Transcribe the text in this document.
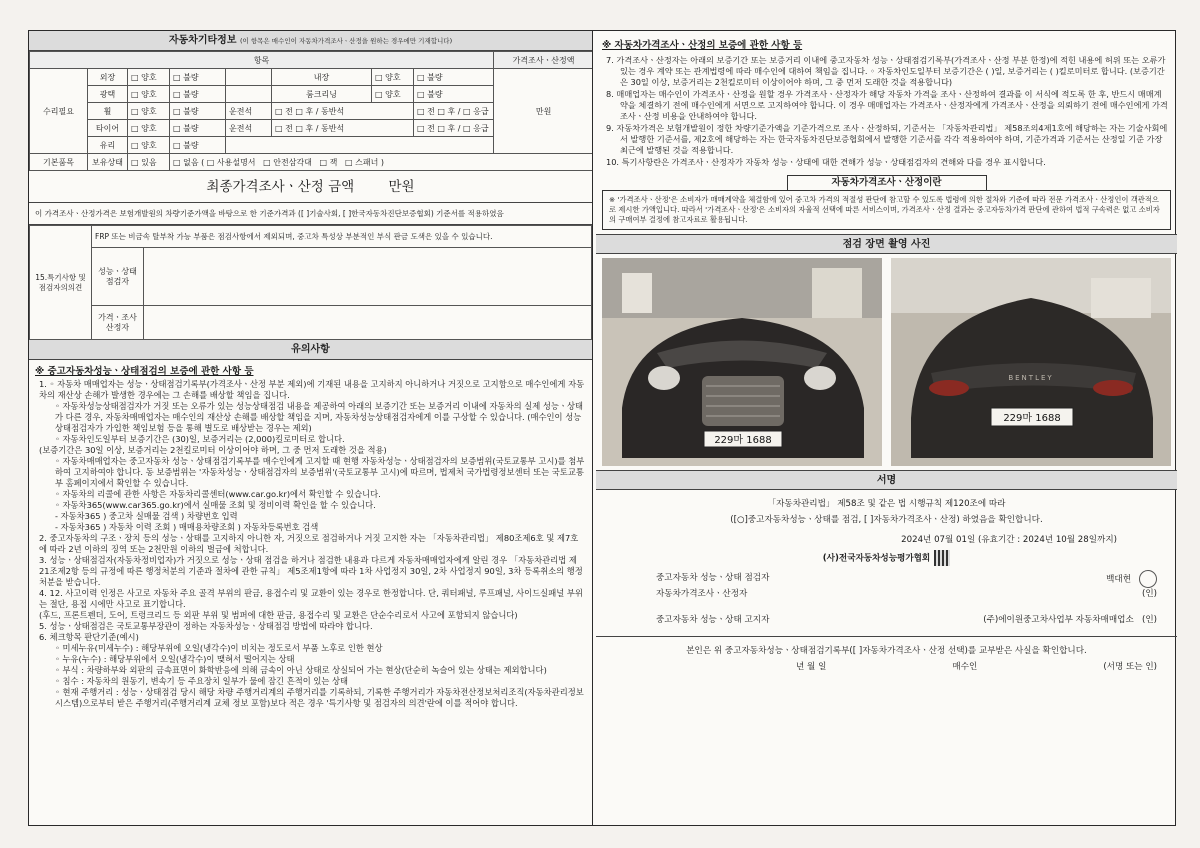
자동차기타정보 (이 항목은 매수인이 자동차가격조사ㆍ산정을 원하는 경우에만 기재합니다)
항목								가격조사ㆍ산정액
수리필요	외장	□ 양호	□ 불량		내장	□ 양호	□ 불량	만원
	광택	□ 양호	□ 불량		룸크리닝	□ 양호	□ 불량
	휠	□ 양호	□ 불량	운전석	□ 전 □ 후 / 동반석		□ 전 □ 후 / □ 응급	
	타이어	□ 양호	□ 불량	운전석	□ 전 □ 후 / 동반석		□ 전 □ 후 / □ 응급	
	유리	□ 양호	□ 불량	
기본품목	보유상태	□ 있음	□ 없음 ( □ 사용설명서   □ 안전삼각대   □ 잭   □ 스패너 )					
최종가격조사ㆍ산정 금액	만원
이 가격조사ㆍ산정가격은 보험개발원의 차량기준가액을 바탕으로 한 기준가격과 ([ ]기술사회, [ ]한국자동차진단보증협회) 기준서를 적용하였음
15.특기사항 및 점검자의의견	FRP 또는 비금속 탈부착 가능 부품은 점검사항에서 제외되며, 중고차 특성상 부분적인 부식 판금 도색은 있을 수 있습니다.	
	성능ㆍ상태 점검자	
	가격ㆍ조사 산정자	
유의사항
※ 중고자동차성능ㆍ상태점검의 보증에 관한 사항 등
1. ◦ 자동차 매매업자는 성능ㆍ상태점검기록부(가격조사ㆍ산정 부분 제외)에 기재된 내용을 고지하지 아니하거나 거짓으로 고지함으로 매수인에게 자동차의 재산상 손해가 발생한 경우에는 그 손해를 배상할 책임을 집니다.
◦ 자동차성능상태점검자가 거짓 또는 오류가 있는 성능상태점검 내용을 제공하여 아래의 보증기간 또는 보증거리 이내에 자동차의 실제 성능ㆍ상태가 다른 경우, 자동차매매업자는 매수인의 재산상 손해를 배상할 책임을 지며, 자동차성능상태점검자에게 이를 구상할 수 있습니다. (매수인이 성능상태점검자가 가입한 책임보험 등을 통해 별도로 배상받는 경우는 제외)
◦ 자동차인도일부터 보증기간은 (30)일, 보증거리는 (2,000)킬로미터로 합니다.
(보증기간은 30일 이상, 보증거리는 2천킬로미터 이상이어야 하며, 그 중 먼저 도래한 것을 적용)
◦ 자동차매매업자는 중고자동차 성능ㆍ상태점검기록부를 매수인에게 고지할 때 현행 자동차성능ㆍ상태점검자의 보증범위(국토교통부 고시)를 첨부하여 고지하여야 합니다. 동 보증범위는 '자동차성능ㆍ상태점검자의 보증범위'(국토교통부 고시)에 따르며, 법제처 국가법령정보센터 또는 국토교통부 홈페이지에서 확인할 수 있습니다.
◦ 자동차의 리콜에 관한 사항은 자동차리콜센터(www.car.go.kr)에서 확인할 수 있습니다.
◦ 자동차365(www.car365.go.kr)에서 실매물 조회 및 정비이력 확인을 할 수 있습니다.
- 자동차365 ) 중고차 실매물 검색 ) 차량번호 입력
- 자동차365 ) 자동차 이력 조회 ) 매매용차량조회 ) 자동차등록번호 검색
2. 중고자동차의 구조ㆍ장치 등의 성능ㆍ상태를 고지하지 아니한 자, 거짓으로 점검하거나 거짓 고지한 자는 「자동차관리법」 제80조제6호 및 제7호에 따라 2년 이하의 징역 또는 2천만원 이하의 벌금에 처합니다.
3. 성능ㆍ상태점검자(자동차정비업자)가 거짓으로 성능ㆍ상태 점검을 하거나 점검한 내용과 다르게 자동차매매업자에게 알린 경우 「자동차관리법 제21조제2항 등의 규정에 따른 행정처분의 기준과 절차에 관한 규칙」 제5조제1항에 따라 1차 사업정지 30일, 2차 사업정지 90일, 3차 등록취소의 행정처분을 받습니다.
4. 12. 사고이력 인정은 사고로 자동차 주요 골격 부위의 판금, 용접수리 및 교환이 있는 경우로 한정합니다. 단, 쿼터패널, 루프패널, 사이드실패널 부위는 절단, 용접 시에만 사고로 표기합니다.
(후드, 프론트펜더, 도어, 트렁크리드 등 외판 부위 및 범퍼에 대한 판금, 용접수리 및 교환은 단순수리로서 사고에 포함되지 않습니다)
5. 성능ㆍ상태점검은 국토교통부장관이 정하는 자동차성능ㆍ상태점검 방법에 따라야 합니다.
6. 체크항목 판단기준(예시)
◦ 미세누유(미세누수) : 해당부위에 오일(냉각수)이 비치는 정도로서 부품 노후로 인한 현상
◦ 누유(누수) : 해당부위에서 오일(냉각수)이 맺혀서 떨어지는 상태
◦ 부식 : 차량하부와 외판의 금속표면이 화학반응에 의해 금속이 아닌 상태로 상실되어 가는 현상(단순히 녹슬어 있는 상태는 제외합니다)
◦ 침수 : 자동차의 원동기, 변속기 등 주요장치 일부가 물에 잠긴 흔적이 있는 상태
◦ 현재 주행거리 : 성능ㆍ상태점검 당시 해당 차량 주행거리계의 주행거리를 기록하되, 기록한 주행거리가 자동차전산정보처리조직(자동차관리정보시스템)으로부터 받은 주행거리(주행거리계 교체 정보 포함)보다 적은 경우 '특기사항 및 점검자의 의견'란에 이를 적어야 합니다.
※ 자동차가격조사ㆍ산정의 보증에 관한 사항 등
7. 가격조사ㆍ산정자는 아래의 보증기간 또는 보증거리 이내에 중고자동차 성능ㆍ상태점검기록부(가격조사ㆍ산정 부분 한정)에 적힌 내용에 허위 또는 오류가 있는 경우 계약 또는 관계법령에 따라 매수인에 대하여 책임을 집니다. ◦ 자동차인도일부터 보증기간은 ( )일, 보증거리는 ( )킬로미터로 합니다. (보증기간은 30일 이상, 보증거리는 2천킬로미터 이상이어야 하며, 그 중 먼저 도래한 것을 적용합니다)
8. 매매업자는 매수인이 가격조사ㆍ산정을 원할 경우 가격조사ㆍ산정자가 해당 자동차 가격을 조사ㆍ산정하여 결과를 이 서식에 적도록 한 후, 반드시 매매계약을 체결하기 전에 매수인에게 서면으로 고지하여야 합니다. 이 경우 매매업자는 가격조사ㆍ산정자에게 가격조사ㆍ산정을 의뢰하기 전에 매수인에게 가격조사ㆍ산정 비용을 안내하여야 합니다.
9. 자동차가격은 보험개발원이 정한 차량기준가액을 기준가격으로 조사ㆍ산정하되, 기준서는 「자동차관리법」 제58조의4제1호에 해당하는 자는 기술사회에서 발행한 기준서를, 제2호에 해당하는 자는 한국자동차진단보증협회에서 발행한 기준서를 각각 적용하여야 하며, 기준가격과 기준서는 산정일 기준 가장 최근에 발행된 것을 적용합니다.
10. 특기사항란은 가격조사ㆍ산정자가 자동차 성능ㆍ상태에 대한 견해가 성능ㆍ상태점검자의 견해와 다를 경우 표시합니다.
자동차가격조사ㆍ산정이란
※ '가격조사ㆍ산정'은 소비자가 매매계약을 체결함에 있어 중고차 가격의 적절성 판단에 참고할 수 있도록 법령에 의한 절차와 기준에 따라 전문 가격조사ㆍ산정인이 객관적으로 제시한 가액입니다. 따라서 '가격조사ㆍ산정'은 소비자의 자율적 선택에 따른 서비스이며, 가격조사ㆍ산정 결과는 중고자동차가격 판단에 관하여 법적 구속력은 없고 소비자의 구매여부 결정에 참고자료로 활용됩니다.
점검 장면 촬영 사진
229마 1688
BENTLEY
229마 1688
서명
「자동차관리법」 제58조 및 같은 법 시행규칙 제120조에 따라
([○]중고자동차성능ㆍ상태를 점검, [ ]자동차가격조사ㆍ산정) 하였음을 확인합니다.
2024년 07월 01일 (유효기간 : 2024년 10월 28일까지)
(사)전국자동차성능평가협회
중고자동차 성능ㆍ상태 점검자	백대현
자동차가격조사ㆍ산정자	(인)
중고자동차 성능ㆍ상태 고지자	(주)에이원중고차사업부 자동차매매업소 (인)
본인은 위 중고자동차성능ㆍ상태점검기록부([ ]자동차가격조사ㆍ산정 선택)를 교부받은 사실을 확인합니다.
년 월 일	매수인	(서명 또는 인)
